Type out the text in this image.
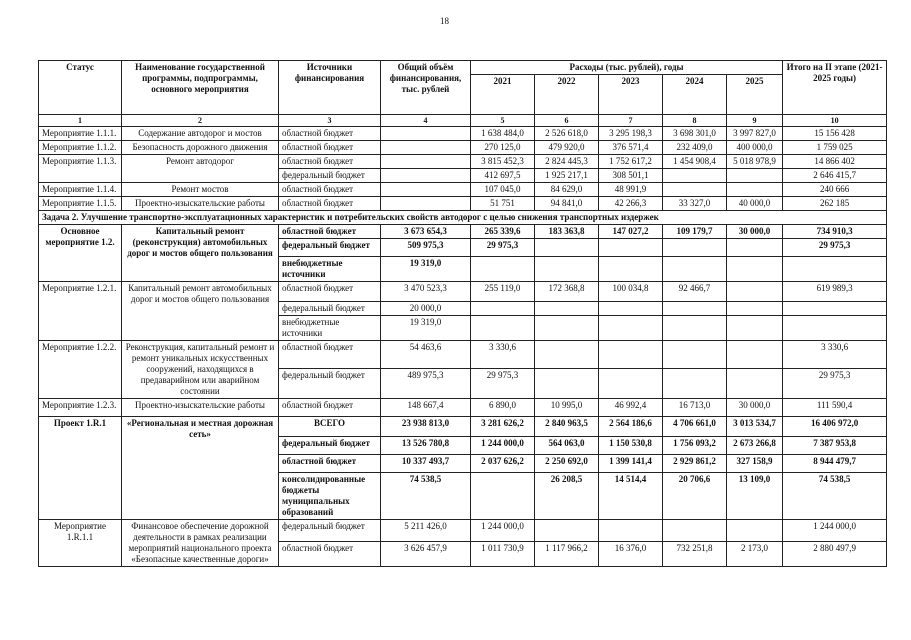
18
Статус	Наименование государственной программы, подпрограммы, основного мероприятия	Источники финансирования	Общий объём финансирования, тыс. рублей	Расходы (тыс. рублей), годы					Итого на II этапе (2021-2025 годы)
				2021	2022	2023	2024	2025	
1	2	3	4	5	6	7	8	9	10
Мероприятие 1.1.1.	Содержание автодорог и мостов	областной бюджет		1 638 484,0	2 526 618,0	3 295 198,3	3 698 301,0	3 997 827,0	15 156 428
Мероприятие 1.1.2.	Безопасность дорожного движения	областной бюджет		270 125,0	479 920,0	376 571,4	232 409,0	400 000,0	1 759 025
Мероприятие 1.1.3.	Ремонт автодорог	областной бюджет		3 815 452,3	2 824 445,3	1 752 617,2	1 454 908,4	5 018 978,9	14 866 402
		федеральный бюджет		412 697,5	1 925 217,1	308 501,1			2 646 415,7
Мероприятие 1.1.4.	Ремонт мостов	областной бюджет		107 045,0	84 629,0	48 991,9			240 666
Мероприятие 1.1.5.	Проектно-изыскательские работы	областной бюджет		51 751	94 841,0	42 266,3	33 327,0	40 000,0	262 185
Задача 2. Улучшение транспортно-эксплуатационных характеристик и потребительских свойств автодорог с целью снижения транспортных издержек									
Основное мероприятие 1.2.	Капитальный ремонт (реконструкция) автомобильных дорог и мостов общего пользования	областной бюджет	3 673 654,3	265 339,6	183 363,8	147 027,2	109 179,7	30 000,0	734 910,3
		федеральный бюджет	509 975,3	29 975,3					29 975,3
		внебюджетные источники	19 319,0						
Мероприятие 1.2.1.	Капитальный ремонт автомобильных дорог и мостов общего пользования	областной бюджет	3 470 523,3	255 119,0	172 368,8	100 034,8	92 466,7		619 989,3
		федеральный бюджет	20 000,0						
		внебюджетные источники	19 319,0						
Мероприятие 1.2.2.	Реконструкция, капитальный ремонт и ремонт уникальных искусственных сооружений, находящихся в предаварийном или аварийном состоянии	областной бюджет	54 463,6	3 330,6					3 330,6
		федеральный бюджет	489 975,3	29 975,3					29 975,3
Мероприятие 1.2.3.	Проектно-изыскательские работы	областной бюджет	148 667,4	6 890,0	10 995,0	46 992,4	16 713,0	30 000,0	111 590,4
Проект 1.R.1	«Региональная и местная дорожная сеть»	ВСЕГО	23 938 813,0	3 281 626,2	2 840 963,5	2 564 186,6	4 706 661,0	3 013 534,7	16 406 972,0
		федеральный бюджет	13 526 780,8	1 244 000,0	564 063,0	1 150 530,8	1 756 093,2	2 673 266,8	7 387 953,8
		областной бюджет	10 337 493,7	2 037 626,2	2 250 692,0	1 399 141,4	2 929 861,2	327 158,9	8 944 479,7
		консолидированные бюджеты муниципальных образований	74 538,5		26 208,5	14 514,4	20 706,6	13 109,0	74 538,5
Мероприятие 1.R.1.1	Финансовое обеспечение дорожной деятельности в рамках реализации мероприятий национального проекта «Безопасные качественные дороги»	федеральный бюджет	5 211 426,0	1 244 000,0					1 244 000,0
		областной бюджет	3 626 457,9	1 011 730,9	1 117 966,2	16 376,0	732 251,8	2 173,0	2 880 497,9
